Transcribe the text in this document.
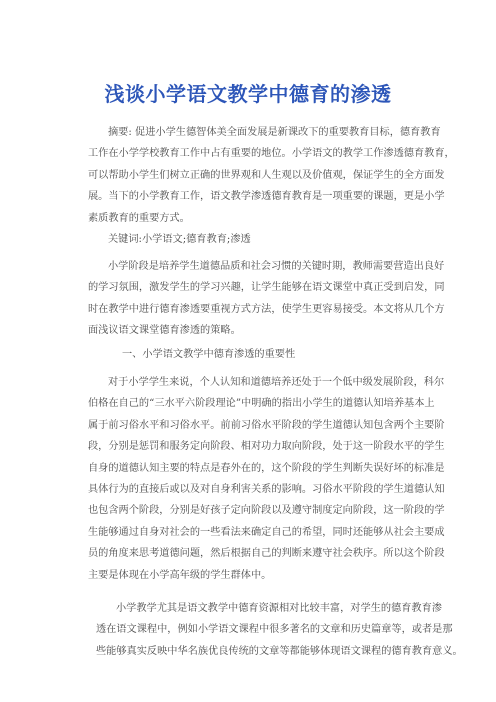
浅谈小学语文教学中德育的渗透
摘要: 促进小学生德智体美全面发展是新课改下的重要教育目标，德育教育
工作在小学学校教育工作中占有重要的地位。小学语文的教学工作渗透德育教育，
可以帮助小学生们树立正确的世界观和人生观以及价值观，保证学生的全方面发
展。当下的小学教育工作，语文教学渗透德育教育是一项重要的课题，更是小学
素质教育的重要方式。
关键词:小学语文;德育教育;渗透
小学阶段是培养学生道德品质和社会习惯的关键时期，教师需要营造出良好
的学习氛围，激发学生的学习兴趣，让学生能够在语文课堂中真正受到启发，同
时在教学中进行德育渗透要重视方式方法，使学生更容易接受。本文将从几个方
面浅议语文课堂德育渗透的策略。
一、小学语文教学中德育渗透的重要性
对于小学学生来说，个人认知和道德培养还处于一个低中级发展阶段，科尔
伯格在自己的“三水平六阶段理论”中明确的指出小学生的道德认知培养基本上
属于前习俗水平和习俗水平。前前习俗水平阶段的学生道德认知包含两个主要阶
段，分别是惩罚和服务定向阶段、相对功力取向阶段，处于这一阶段水平的学生
自身的道德认知主要的特点是春外在的，这个阶段的学生判断失误好坏的标准是
具体行为的直接后或以及对自身利害关系的影响。习俗水平阶段的学生道德认知
也包含两个阶段，分别是好孩子定向阶段以及遵守制度定向阶段，这一阶段的学
生能够通过自身对社会的一些看法来确定自己的希望，同时还能够从社会主要成
员的角度来思考道德问题，然后根据自己的判断来遵守社会秩序。所以这个阶段
主要是体现在小学高年级的学生群体中。
小学教学尤其是语文教学中德育资源相对比较丰富，对学生的德育教育渗
透在语文课程中，例如小学语文课程中很多著名的文章和历史篇章等，或者是那
些能够真实反映中华名族优良传统的文章等都能够体现语文课程的德育教育意义。
